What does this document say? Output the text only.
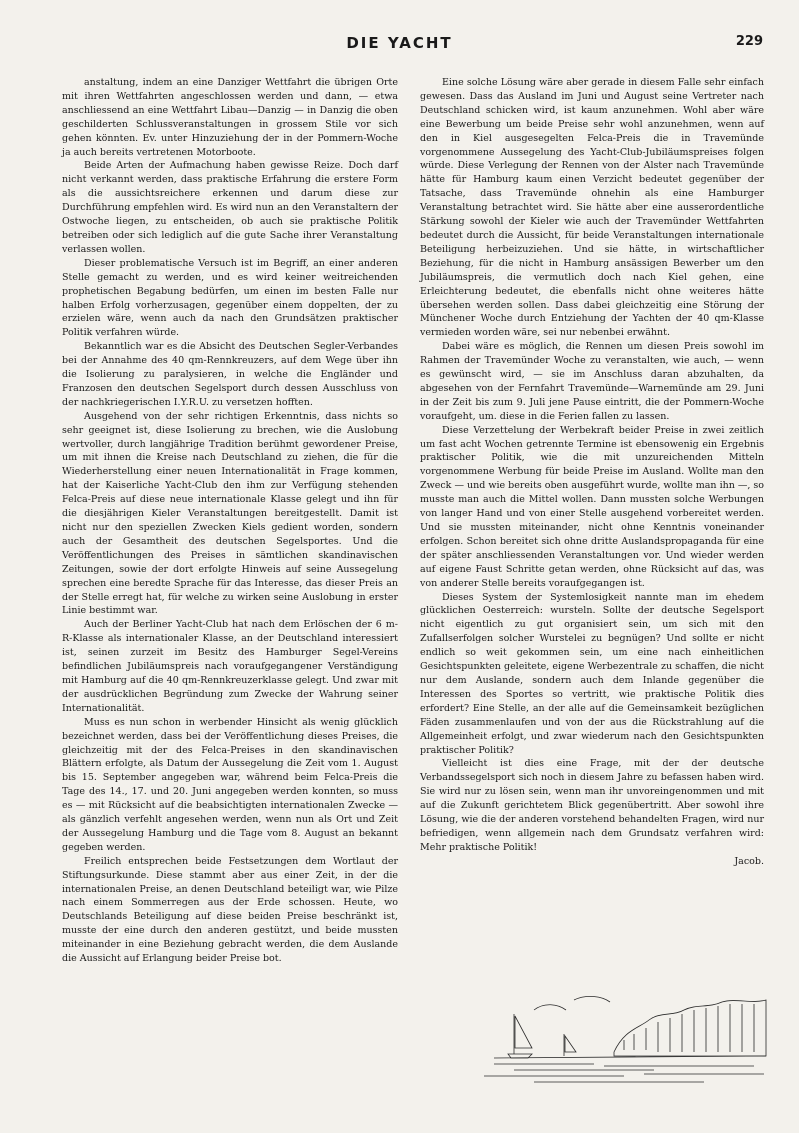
DIE YACHT	229

anstaltung, indem an eine Danziger Wettfahrt die übrigen Orte mit ihren Wettfahrten angeschlossen werden und dann, — etwa anschliessend an eine Wettfahrt Libau—Danzig — in Danzig die oben geschilderten Schlussveranstaltungen in grossem Stile vor sich gehen könnten. Ev. unter Hinzuziehung der in der Pommern-Woche ja auch bereits vertretenen Motorboote.

Beide Arten der Aufmachung haben gewisse Reize. Doch darf nicht verkannt werden, dass praktische Erfahrung die erstere Form als die aussichtsreichere erkennen und darum diese zur Durchführung empfehlen wird. Es wird nun an den Veranstaltern der Ostwoche liegen, zu entscheiden, ob auch sie praktische Politik betreiben oder sich lediglich auf die gute Sache ihrer Veranstaltung verlassen wollen.

Dieser problematische Versuch ist im Begriff, an einer anderen Stelle gemacht zu werden, und es wird keiner weitreichenden prophetischen Begabung bedürfen, um einen im besten Falle nur halben Erfolg vorherzusagen, gegenüber einem doppelten, der zu erzielen wäre, wenn auch da nach den Grundsätzen praktischer Politik verfahren würde.

Bekanntlich war es die Absicht des Deutschen Segler-Verbandes bei der Annahme des 40 qm-Rennkreuzers, auf dem Wege über ihn die Isolierung zu paralysieren, in welche die Engländer und Franzosen den deutschen Segelsport durch dessen Ausschluss von der nachkriegerischen I.Y.R.U. zu versetzen hofften.

Ausgehend von der sehr richtigen Erkenntnis, dass nichts so sehr geeignet ist, diese Isolierung zu brechen, wie die Auslobung wertvoller, durch langjährige Tradition berühmt gewordener Preise, um mit ihnen die Kreise nach Deutschland zu ziehen, die für die Wiederherstellung einer neuen Internationalität in Frage kommen, hat der Kaiserliche Yacht-Club den ihm zur Verfügung stehenden Felca-Preis auf diese neue internationale Klasse gelegt und ihn für die diesjährigen Kieler Veranstaltungen bereitgestellt. Damit ist nicht nur den speziellen Zwecken Kiels gedient worden, sondern auch der Gesamtheit des deutschen Segelsportes. Und die Veröffentlichungen des Preises in sämtlichen skandinavischen Zeitungen, sowie der dort erfolgte Hinweis auf seine Aussegelung sprechen eine beredte Sprache für das Interesse, das dieser Preis an der Stelle erregt hat, für welche zu wirken seine Auslobung in erster Linie bestimmt war.

Auch der Berliner Yacht-Club hat nach dem Erlöschen der 6 m-R-Klasse als internationaler Klasse, an der Deutschland interessiert ist, seinen zurzeit im Besitz des Hamburger Segel-Vereins befindlichen Jubiläumspreis nach voraufgegangener Verständigung mit Hamburg auf die 40 qm-Rennkreuzerklasse gelegt. Und zwar mit der ausdrücklichen Begründung zum Zwecke der Wahrung seiner Internationalität.

Muss es nun schon in werbender Hinsicht als wenig glücklich bezeichnet werden, dass bei der Veröffentlichung dieses Preises, die gleichzeitig mit der des Felca-Preises in den skandinavischen Blättern erfolgte, als Datum der Aussegelung die Zeit vom 1. August bis 15. September angegeben war, während beim Felca-Preis die Tage des 14., 17. und 20. Juni angegeben werden konnten, so muss es — mit Rücksicht auf die beabsichtigten internationalen Zwecke — als gänzlich verfehlt angesehen werden, wenn nun als Ort und Zeit der Aussegelung Hamburg und die Tage vom 8. August an bekannt gegeben werden.

Freilich entsprechen beide Festsetzungen dem Wortlaut der Stiftungsurkunde. Diese stammt aber aus einer Zeit, in der die internationalen Preise, an denen Deutschland beteiligt war, wie Pilze nach einem Sommerregen aus der Erde schossen. Heute, wo Deutschlands Beteiligung auf diese beiden Preise beschränkt ist, musste der eine durch den anderen gestützt, und beide mussten miteinander in eine Beziehung gebracht werden, die dem Auslande die Aussicht auf Erlangung beider Preise bot.

Eine solche Lösung wäre aber gerade in diesem Falle sehr einfach gewesen. Dass das Ausland im Juni und August seine Vertreter nach Deutschland schicken wird, ist kaum anzunehmen. Wohl aber wäre eine Bewerbung um beide Preise sehr wohl anzunehmen, wenn auf den in Kiel ausgesegelten Felca-Preis die in Travemünde vorgenommene Aussegelung des Yacht-Club-Jubiläumspreises folgen würde. Diese Verlegung der Rennen von der Alster nach Travemünde hätte für Hamburg kaum einen Verzicht bedeutet gegenüber der Tatsache, dass Travemünde ohnehin als eine Hamburger Veranstaltung betrachtet wird. Sie hätte aber eine ausserordentliche Stärkung sowohl der Kieler wie auch der Travemünder Wettfahrten bedeutet durch die Aussicht, für beide Veranstaltungen internationale Beteiligung herbeizuziehen. Und sie hätte, in wirtschaftlicher Beziehung, für die nicht in Hamburg ansässigen Bewerber um den Jubiläumspreis, die vermutlich doch nach Kiel gehen, eine Erleichterung bedeutet, die ebenfalls nicht ohne weiteres hätte übersehen werden sollen. Dass dabei gleichzeitig eine Störung der Münchener Woche durch Entziehung der Yachten der 40 qm-Klasse vermieden worden wäre, sei nur nebenbei erwähnt.

Dabei wäre es möglich, die Rennen um diesen Preis sowohl im Rahmen der Travemünder Woche zu veranstalten, wie auch, — wenn es gewünscht wird, — sie im Anschluss daran abzuhalten, da abgesehen von der Fernfahrt Travemünde—Warnemünde am 29. Juni in der Zeit bis zum 9. Juli jene Pause eintritt, die der Pommern-Woche voraufgeht, um. diese in die Ferien fallen zu lassen.

Diese Verzettelung der Werbekraft beider Preise in zwei zeitlich um fast acht Wochen getrennte Termine ist ebensowenig ein Ergebnis praktischer Politik, wie die mit unzureichenden Mitteln vorgenommene Werbung für beide Preise im Ausland. Wollte man den Zweck — und wie bereits oben ausgeführt wurde, wollte man ihn —, so musste man auch die Mittel wollen. Dann mussten solche Werbungen von langer Hand und von einer Stelle ausgehend vorbereitet werden. Und sie mussten miteinander, nicht ohne Kenntnis voneinander erfolgen. Schon bereitet sich ohne dritte Auslandspropaganda für eine der später anschliessenden Veranstaltungen vor. Und wieder werden auf eigene Faust Schritte getan werden, ohne Rücksicht auf das, was von anderer Stelle bereits voraufgegangen ist.

Dieses System der Systemlosigkeit nannte man im ehedem glücklichen Oesterreich: wursteln. Sollte der deutsche Segelsport nicht eigentlich zu gut organisiert sein, um sich mit den Zufallserfolgen solcher Wurstelei zu begnügen? Und sollte er nicht endlich so weit gekommen sein, um eine nach einheitlichen Gesichtspunkten geleitete, eigene Werbezentrale zu schaffen, die nicht nur dem Auslande, sondern auch dem Inlande gegenüber die Interessen des Sportes so vertritt, wie praktische Politik dies erfordert? Eine Stelle, an der alle auf die Gemeinsamkeit bezüglichen Fäden zusammenlaufen und von der aus die Rückstrahlung auf die Allgemeinheit erfolgt, und zwar wiederum nach den Gesichtspunkten praktischer Politik?

Vielleicht ist dies eine Frage, mit der der deutsche Verbandssegelsport sich noch in diesem Jahre zu befassen haben wird. Sie wird nur zu lösen sein, wenn man ihr unvoreingenommen und mit auf die Zukunft gerichtetem Blick gegenübertritt. Aber sowohl ihre Lösung, wie die der anderen vorstehend behandelten Fragen, wird nur befriedigen, wenn allgemein nach dem Grundsatz verfahren wird: Mehr praktische Politik!

Jacob.
